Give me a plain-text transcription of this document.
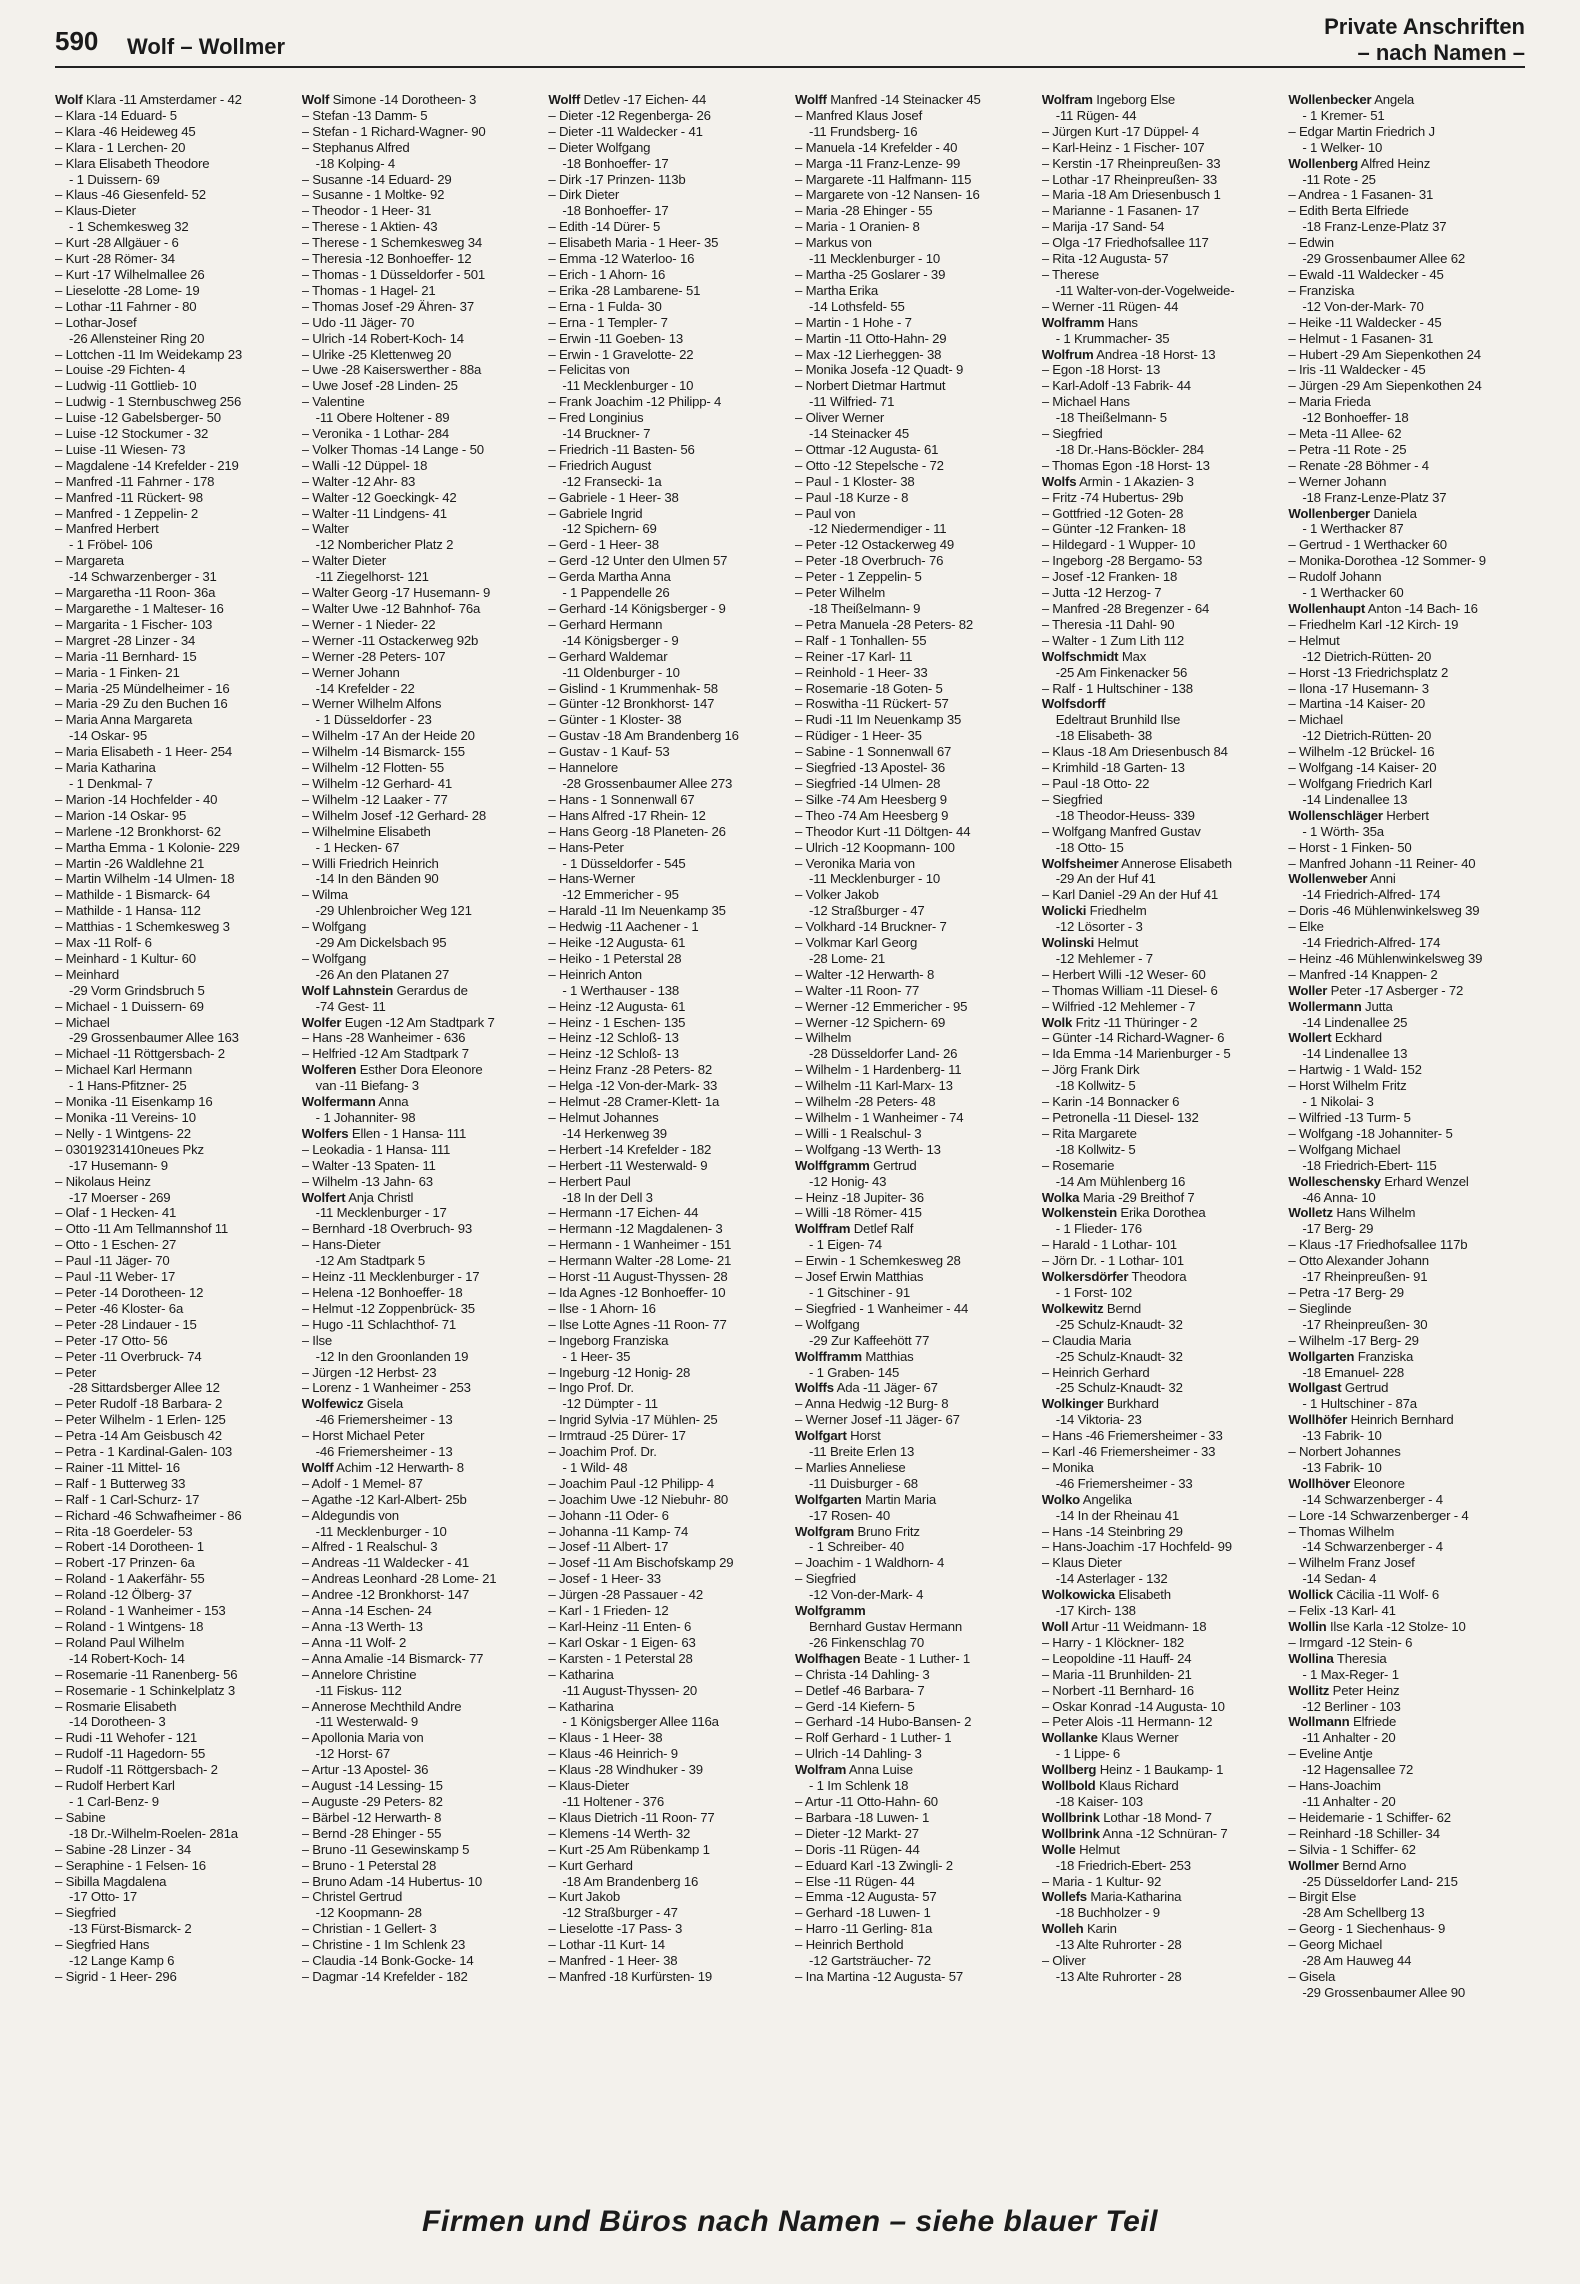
590 Wolf – Wollmer
Private Anschriften
– nach Namen –
Wolf Klara -11 Amsterdamer - 42
– Klara -14 Eduard- 5
– Klara -46 Heideweg 45
– Klara - 1 Lerchen- 20
– Klara Elisabeth Theodore
- 1 Duissern- 69
– Klaus -46 Giesenfeld- 52
– Klaus-Dieter
- 1 Schemkesweg 32
– Kurt -28 Allgäuer - 6
– Kurt -28 Römer- 34
– Kurt -17 Wilhelmallee 26
– Lieselotte -28 Lome- 19
– Lothar -11 Fahrner - 80
– Lothar-Josef
-26 Allensteiner Ring 20
– Lottchen -11 Im Weidekamp 23
– Louise -29 Fichten- 4
– Ludwig -11 Gottlieb- 10
– Ludwig - 1 Sternbuschweg 256
– Luise -12 Gabelsberger- 50
– Luise -12 Stockumer - 32
– Luise -11 Wiesen- 73
– Magdalene -14 Krefelder - 219
– Manfred -11 Fahrner - 178
– Manfred -11 Rückert- 98
– Manfred - 1 Zeppelin- 2
– Manfred Herbert
- 1 Fröbel- 106
– Margareta
-14 Schwarzenberger - 31
– Margaretha -11 Roon- 36a
– Margarethe - 1 Malteser- 16
– Margarita - 1 Fischer- 103
– Margret -28 Linzer - 34
– Maria -11 Bernhard- 15
– Maria - 1 Finken- 21
– Maria -25 Mündelheimer - 16
– Maria -29 Zu den Buchen 16
– Maria Anna Margareta
-14 Oskar- 95
– Maria Elisabeth - 1 Heer- 254
– Maria Katharina
- 1 Denkmal- 7
– Marion -14 Hochfelder - 40
– Marion -14 Oskar- 95
– Marlene -12 Bronkhorst- 62
– Martha Emma - 1 Kolonie- 229
– Martin -26 Waldlehne 21
– Martin Wilhelm -14 Ulmen- 18
– Mathilde - 1 Bismarck- 64
– Mathilde - 1 Hansa- 112
– Matthias - 1 Schemkesweg 3
– Max -11 Rolf- 6
– Meinhard - 1 Kultur- 60
– Meinhard
-29 Vorm Grindsbruch 5
– Michael - 1 Duissern- 69
– Michael
-29 Grossenbaumer Allee 163
– Michael -11 Röttgersbach- 2
– Michael Karl Hermann
- 1 Hans-Pfitzner- 25
– Monika -11 Eisenkamp 16
– Monika -11 Vereins- 10
– Nelly - 1 Wintgens- 22
– 03019231410neues Pkz
-17 Husemann- 9
– Nikolaus Heinz
-17 Moerser - 269
– Olaf - 1 Hecken- 41
– Otto -11 Am Tellmannshof 11
– Otto - 1 Eschen- 27
– Paul -11 Jäger- 70
– Paul -11 Weber- 17
– Peter -14 Dorotheen- 12
– Peter -46 Kloster- 6a
– Peter -28 Lindauer - 15
– Peter -17 Otto- 56
– Peter -11 Overbruck- 74
– Peter
-28 Sittardsberger Allee 12
– Peter Rudolf -18 Barbara- 2
– Peter Wilhelm - 1 Erlen- 125
– Petra -14 Am Geisbusch 42
– Petra - 1 Kardinal-Galen- 103
– Rainer -11 Mittel- 16
– Ralf - 1 Butterweg 33
– Ralf - 1 Carl-Schurz- 17
– Richard -46 Schwafheimer - 86
– Rita -18 Goerdeler- 53
– Robert -14 Dorotheen- 1
– Robert -17 Prinzen- 6a
– Roland - 1 Aakerfähr- 55
– Roland -12 Ölberg- 37
– Roland - 1 Wanheimer - 153
– Roland - 1 Wintgens- 18
– Roland Paul Wilhelm
-14 Robert-Koch- 14
– Rosemarie -11 Ranenberg- 56
– Rosemarie - 1 Schinkelplatz 3
– Rosmarie Elisabeth
-14 Dorotheen- 3
– Rudi -11 Wehofer - 121
– Rudolf -11 Hagedorn- 55
– Rudolf -11 Röttgersbach- 2
– Rudolf Herbert Karl
- 1 Carl-Benz- 9
– Sabine
-18 Dr.-Wilhelm-Roelen- 281a
– Sabine -28 Linzer - 34
– Seraphine - 1 Felsen- 16
– Sibilla Magdalena
-17 Otto- 17
– Siegfried
-13 Fürst-Bismarck- 2
– Siegfried Hans
-12 Lange Kamp 6
– Sigrid - 1 Heer- 296
Wolf Simone -14 Dorotheen- 3
– Stefan -13 Damm- 5
– Stefan - 1 Richard-Wagner- 90
– Stephanus Alfred
-18 Kolping- 4
– Susanne -14 Eduard- 29
– Susanne - 1 Moltke- 92
– Theodor - 1 Heer- 31
– Therese - 1 Aktien- 43
– Therese - 1 Schemkesweg 34
– Theresia -12 Bonhoeffer- 12
– Thomas - 1 Düsseldorfer - 501
– Thomas - 1 Hagel- 21
– Thomas Josef -29 Ähren- 37
– Udo -11 Jäger- 70
– Ulrich -14 Robert-Koch- 14
– Ulrike -25 Klettenweg 20
– Uwe -28 Kaiserswerther - 88a
– Uwe Josef -28 Linden- 25
– Valentine
-11 Obere Holtener - 89
– Veronika - 1 Lothar- 284
– Volker Thomas -14 Lange - 50
– Walli -12 Düppel- 18
– Walter -12 Ahr- 83
– Walter -12 Goeckingk- 42
– Walter -11 Lindgens- 41
– Walter
-12 Nombericher Platz 2
– Walter Dieter
-11 Ziegelhorst- 121
– Walter Georg -17 Husemann- 9
– Walter Uwe -12 Bahnhof- 76a
– Werner - 1 Nieder- 22
– Werner -11 Ostackerweg 92b
– Werner -28 Peters- 107
– Werner Johann
-14 Krefelder - 22
– Werner Wilhelm Alfons
- 1 Düsseldorfer - 23
– Wilhelm -17 An der Heide 20
– Wilhelm -14 Bismarck- 155
– Wilhelm -12 Flotten- 55
– Wilhelm -12 Gerhard- 41
– Wilhelm -12 Laaker - 77
– Wilhelm Josef -12 Gerhard- 28
– Wilhelmine Elisabeth
- 1 Hecken- 67
– Willi Friedrich Heinrich
-14 In den Bänden 90
– Wilma
-29 Uhlenbroicher Weg 121
– Wolfgang
-29 Am Dickelsbach 95
– Wolfgang
-26 An den Platanen 27
Wolf Lahnstein Gerardus de
-74 Gest- 11
Wolfer Eugen -12 Am Stadtpark 7
– Hans -28 Wanheimer - 636
– Helfried -12 Am Stadtpark 7
Wolferen Esther Dora Eleonore
van -11 Biefang- 3
Wolfermann Anna
- 1 Johanniter- 98
Wolfers Ellen - 1 Hansa- 111
– Leokadia - 1 Hansa- 111
– Walter -13 Spaten- 11
– Wilhelm -13 Jahn- 63
Wolfert Anja Christl
-11 Mecklenburger - 17
– Bernhard -18 Overbruch- 93
– Hans-Dieter
-12 Am Stadtpark 5
– Heinz -11 Mecklenburger - 17
– Helena -12 Bonhoeffer- 18
– Helmut -12 Zoppenbrück- 35
– Hugo -11 Schlachthof- 71
– Ilse
-12 In den Groonlanden 19
– Jürgen -12 Herbst- 23
– Lorenz - 1 Wanheimer - 253
Wolfewicz Gisela
-46 Friemersheimer - 13
– Horst Michael Peter
-46 Friemersheimer - 13
Wolff Achim -12 Herwarth- 8
– Adolf - 1 Memel- 87
– Agathe -12 Karl-Albert- 25b
– Aldegundis von
-11 Mecklenburger - 10
– Alfred - 1 Realschul- 3
– Andreas -11 Waldecker - 41
– Andreas Leonhard -28 Lome- 21
– Andree -12 Bronkhorst- 147
– Anna -14 Eschen- 24
– Anna -13 Werth- 13
– Anna -11 Wolf- 2
– Anna Amalie -14 Bismarck- 77
– Annelore Christine
-11 Fiskus- 112
– Annerose Mechthild Andre
-11 Westerwald- 9
– Apollonia Maria von
-12 Horst- 67
– Artur -13 Apostel- 36
– August -14 Lessing- 15
– Auguste -29 Peters- 82
– Bärbel -12 Herwarth- 8
– Bernd -28 Ehinger - 55
– Bruno -11 Gesewinskamp 5
– Bruno - 1 Peterstal 28
– Bruno Adam -14 Hubertus- 10
– Christel Gertrud
-12 Koopmann- 28
– Christian - 1 Gellert- 3
– Christine - 1 Im Schlenk 23
– Claudia -14 Bonk-Gocke- 14
– Dagmar -14 Krefelder - 182
Wolff Detlev -17 Eichen- 44
– Dieter -12 Regenberga- 26
– Dieter -11 Waldecker - 41
– Dieter Wolfgang
-18 Bonhoeffer- 17
– Dirk -17 Prinzen- 113b
– Dirk Dieter
-18 Bonhoeffer- 17
– Edith -14 Dürer- 5
– Elisabeth Maria - 1 Heer- 35
– Emma -12 Waterloo- 16
– Erich - 1 Ahorn- 16
– Erika -28 Lambarene- 51
– Erna - 1 Fulda- 30
– Erna - 1 Templer- 7
– Erwin -11 Goeben- 13
– Erwin - 1 Gravelotte- 22
– Felicitas von
-11 Mecklenburger - 10
– Frank Joachim -12 Philipp- 4
– Fred Longinius
-14 Bruckner- 7
– Friedrich -11 Basten- 56
– Friedrich August
-12 Fransecki- 1a
– Gabriele - 1 Heer- 38
– Gabriele Ingrid
-12 Spichern- 69
– Gerd - 1 Heer- 38
– Gerd -12 Unter den Ulmen 57
– Gerda Martha Anna
- 1 Pappendelle 26
– Gerhard -14 Königsberger - 9
– Gerhard Hermann
-14 Königsberger - 9
– Gerhard Waldemar
-11 Oldenburger - 10
– Gislind - 1 Krummenhak- 58
– Günter -12 Bronkhorst- 147
– Günter - 1 Kloster- 38
– Gustav -18 Am Brandenberg 16
– Gustav - 1 Kauf- 53
– Hannelore
-28 Grossenbaumer Allee 273
– Hans - 1 Sonnenwall 67
– Hans Alfred -17 Rhein- 12
– Hans Georg -18 Planeten- 26
– Hans-Peter
- 1 Düsseldorfer - 545
– Hans-Werner
-12 Emmericher - 95
– Harald -11 Im Neuenkamp 35
– Hedwig -11 Aachener - 1
– Heike -12 Augusta- 61
– Heiko - 1 Peterstal 28
– Heinrich Anton
- 1 Werthauser - 138
– Heinz -12 Augusta- 61
– Heinz - 1 Eschen- 135
– Heinz -12 Schloß- 13
– Heinz -12 Schloß- 13
– Heinz Franz -28 Peters- 82
– Helga -12 Von-der-Mark- 33
– Helmut -28 Cramer-Klett- 1a
– Helmut Johannes
-14 Herkenweg 39
– Herbert -14 Krefelder - 182
– Herbert -11 Westerwald- 9
– Herbert Paul
-18 In der Dell 3
– Hermann -17 Eichen- 44
– Hermann -12 Magdalenen- 3
– Hermann - 1 Wanheimer - 151
– Hermann Walter -28 Lome- 21
– Horst -11 August-Thyssen- 28
– Ida Agnes -12 Bonhoeffer- 10
– Ilse - 1 Ahorn- 16
– Ilse Lotte Agnes -11 Roon- 77
– Ingeborg Franziska
- 1 Heer- 35
– Ingeburg -12 Honig- 28
– Ingo Prof. Dr.
-12 Dümpter - 11
– Ingrid Sylvia -17 Mühlen- 25
– Irmtraud -25 Dürer- 17
– Joachim Prof. Dr.
- 1 Wild- 48
– Joachim Paul -12 Philipp- 4
– Joachim Uwe -12 Niebuhr- 80
– Johann -11 Oder- 6
– Johanna -11 Kamp- 74
– Josef -11 Albert- 17
– Josef -11 Am Bischofskamp 29
– Josef - 1 Heer- 33
– Jürgen -28 Passauer - 42
– Karl - 1 Frieden- 12
– Karl-Heinz -11 Enten- 6
– Karl Oskar - 1 Eigen- 63
– Karsten - 1 Peterstal 28
– Katharina
-11 August-Thyssen- 20
– Katharina
- 1 Königsberger Allee 116a
– Klaus - 1 Heer- 38
– Klaus -46 Heinrich- 9
– Klaus -28 Windhuker - 39
– Klaus-Dieter
-11 Holtener - 376
– Klaus Dietrich -11 Roon- 77
– Klemens -14 Werth- 32
– Kurt -25 Am Rübenkamp 1
– Kurt Gerhard
-18 Am Brandenberg 16
– Kurt Jakob
-12 Straßburger - 47
– Lieselotte -17 Pass- 3
– Lothar -11 Kurt- 14
– Manfred - 1 Heer- 38
– Manfred -18 Kurfürsten- 19
Wolff Manfred -14 Steinacker 45
– Manfred Klaus Josef
-11 Frundsberg- 16
– Manuela -14 Krefelder - 40
– Marga -11 Franz-Lenze- 99
– Margarete -11 Halfmann- 115
– Margarete von -12 Nansen- 16
– Maria -28 Ehinger - 55
– Maria - 1 Oranien- 8
– Markus von
-11 Mecklenburger - 10
– Martha -25 Goslarer - 39
– Martha Erika
-14 Lothsfeld- 55
– Martin - 1 Hohe - 7
– Martin -11 Otto-Hahn- 29
– Max -12 Lierheggen- 38
– Monika Josefa -12 Quadt- 9
– Norbert Dietmar Hartmut
-11 Wilfried- 71
– Oliver Werner
-14 Steinacker 45
– Ottmar -12 Augusta- 61
– Otto -12 Stepelsche - 72
– Paul - 1 Kloster- 38
– Paul -18 Kurze - 8
– Paul von
-12 Niedermendiger - 11
– Peter -12 Ostackerweg 49
– Peter -18 Overbruch- 76
– Peter - 1 Zeppelin- 5
– Peter Wilhelm
-18 Theißelmann- 9
– Petra Manuela -28 Peters- 82
– Ralf - 1 Tonhallen- 55
– Reiner -17 Karl- 11
– Reinhold - 1 Heer- 33
– Rosemarie -18 Goten- 5
– Roswitha -11 Rückert- 57
– Rudi -11 Im Neuenkamp 35
– Rüdiger - 1 Heer- 35
– Sabine - 1 Sonnenwall 67
– Siegfried -13 Apostel- 36
– Siegfried -14 Ulmen- 28
– Silke -74 Am Heesberg 9
– Theo -74 Am Heesberg 9
– Theodor Kurt -11 Döltgen- 44
– Ulrich -12 Koopmann- 100
– Veronika Maria von
-11 Mecklenburger - 10
– Volker Jakob
-12 Straßburger - 47
– Volkhard -14 Bruckner- 7
– Volkmar Karl Georg
-28 Lome- 21
– Walter -12 Herwarth- 8
– Walter -11 Roon- 77
– Werner -12 Emmericher - 95
– Werner -12 Spichern- 69
– Wilhelm
-28 Düsseldorfer Land- 26
– Wilhelm - 1 Hardenberg- 11
– Wilhelm -11 Karl-Marx- 13
– Wilhelm -28 Peters- 48
– Wilhelm - 1 Wanheimer - 74
– Willi - 1 Realschul- 3
– Wolfgang -13 Werth- 13
Wolffgramm Gertrud
-12 Honig- 43
– Heinz -18 Jupiter- 36
– Willi -18 Römer- 415
Wolffram Detlef Ralf
- 1 Eigen- 74
– Erwin - 1 Schemkesweg 28
– Josef Erwin Matthias
- 1 Gitschiner - 91
– Siegfried - 1 Wanheimer - 44
– Wolfgang
-29 Zur Kaffeehött 77
Wolfframm Matthias
- 1 Graben- 145
Wolffs Ada -11 Jäger- 67
– Anna Hedwig -12 Burg- 8
– Werner Josef -11 Jäger- 67
Wolfgart Horst
-11 Breite Erlen 13
– Marlies Anneliese
-11 Duisburger - 68
Wolfgarten Martin Maria
-17 Rosen- 40
Wolfgram Bruno Fritz
- 1 Schreiber- 40
– Joachim - 1 Waldhorn- 4
– Siegfried
-12 Von-der-Mark- 4
Wolfgramm
Bernhard Gustav Hermann
-26 Finkenschlag 70
Wolfhagen Beate - 1 Luther- 1
– Christa -14 Dahling- 3
– Detlef -46 Barbara- 7
– Gerd -14 Kiefern- 5
– Gerhard -14 Hubo-Bansen- 2
– Rolf Gerhard - 1 Luther- 1
– Ulrich -14 Dahling- 3
Wolfram Anna Luise
- 1 Im Schlenk 18
– Artur -11 Otto-Hahn- 60
– Barbara -18 Luwen- 1
– Dieter -12 Markt- 27
– Doris -11 Rügen- 44
– Eduard Karl -13 Zwingli- 2
– Else -11 Rügen- 44
– Emma -12 Augusta- 57
– Gerhard -18 Luwen- 1
– Harro -11 Gerling- 81a
– Heinrich Berthold
-12 Gartsträucher- 72
– Ina Martina -12 Augusta- 57
Wolfram Ingeborg Else
-11 Rügen- 44
– Jürgen Kurt -17 Düppel- 4
– Karl-Heinz - 1 Fischer- 107
– Kerstin -17 Rheinpreußen- 33
– Lothar -17 Rheinpreußen- 33
– Maria -18 Am Driesenbusch 1
– Marianne - 1 Fasanen- 17
– Marija -17 Sand- 54
– Olga -17 Friedhofsallee 117
– Rita -12 Augusta- 57
– Therese
-11 Walter-von-der-Vogelweide-
– Werner -11 Rügen- 44
Wolframm Hans
- 1 Krummacher- 35
Wolfrum Andrea -18 Horst- 13
– Egon -18 Horst- 13
– Karl-Adolf -13 Fabrik- 44
– Michael Hans
-18 Theißelmann- 5
– Siegfried
-18 Dr.-Hans-Böckler- 284
– Thomas Egon -18 Horst- 13
Wolfs Armin - 1 Akazien- 3
– Fritz -74 Hubertus- 29b
– Gottfried -12 Goten- 28
– Günter -12 Franken- 18
– Hildegard - 1 Wupper- 10
– Ingeborg -28 Bergamo- 53
– Josef -12 Franken- 18
– Jutta -12 Herzog- 7
– Manfred -28 Bregenzer - 64
– Theresia -11 Dahl- 90
– Walter - 1 Zum Lith 112
Wolfschmidt Max
-25 Am Finkenacker 56
– Ralf - 1 Hultschiner - 138
Wolfsdorff
Edeltraut Brunhild Ilse
-18 Elisabeth- 38
– Klaus -18 Am Driesenbusch 84
– Krimhild -18 Garten- 13
– Paul -18 Otto- 22
– Siegfried
-18 Theodor-Heuss- 339
– Wolfgang Manfred Gustav
-18 Otto- 15
Wolfsheimer Annerose Elisabeth
-29 An der Huf 41
– Karl Daniel -29 An der Huf 41
Wolicki Friedhelm
-12 Lösorter - 3
Wolinski Helmut
-12 Mehlemer - 7
– Herbert Willi -12 Weser- 60
– Thomas William -11 Diesel- 6
– Wilfried -12 Mehlemer - 7
Wolk Fritz -11 Thüringer - 2
– Günter -14 Richard-Wagner- 6
– Ida Emma -14 Marienburger - 5
– Jörg Frank Dirk
-18 Kollwitz- 5
– Karin -14 Bonnacker 6
– Petronella -11 Diesel- 132
– Rita Margarete
-18 Kollwitz- 5
– Rosemarie
-14 Am Mühlenberg 16
Wolka Maria -29 Breithof 7
Wolkenstein Erika Dorothea
- 1 Flieder- 176
– Harald - 1 Lothar- 101
– Jörn Dr. - 1 Lothar- 101
Wolkersdörfer Theodora
- 1 Forst- 102
Wolkewitz Bernd
-25 Schulz-Knaudt- 32
– Claudia Maria
-25 Schulz-Knaudt- 32
– Heinrich Gerhard
-25 Schulz-Knaudt- 32
Wolkinger Burkhard
-14 Viktoria- 23
– Hans -46 Friemersheimer - 33
– Karl -46 Friemersheimer - 33
– Monika
-46 Friemersheimer - 33
Wolko Angelika
-14 In der Rheinau 41
– Hans -14 Steinbring 29
– Hans-Joachim -17 Hochfeld- 99
– Klaus Dieter
-14 Asterlager - 132
Wolkowicka Elisabeth
-17 Kirch- 138
Woll Artur -11 Weidmann- 18
– Harry - 1 Klöckner- 182
– Leopoldine -11 Hauff- 24
– Maria -11 Brunhilden- 21
– Norbert -11 Bernhard- 16
– Oskar Konrad -14 Augusta- 10
– Peter Alois -11 Hermann- 12
Wollanke Klaus Werner
- 1 Lippe- 6
Wollberg Heinz - 1 Baukamp- 1
Wollbold Klaus Richard
-18 Kaiser- 103
Wollbrink Lothar -18 Mond- 7
Wollbrink Anna -12 Schnüran- 7
Wolle Helmut
-18 Friedrich-Ebert- 253
– Maria - 1 Kultur- 92
Wollefs Maria-Katharina
-18 Buchholzer - 9
Wolleh Karin
-13 Alte Ruhrorter - 28
– Oliver
-13 Alte Ruhrorter - 28
Wollenbecker Angela
- 1 Kremer- 51
– Edgar Martin Friedrich J
- 1 Welker- 10
Wollenberg Alfred Heinz
-11 Rote - 25
– Andrea - 1 Fasanen- 31
– Edith Berta Elfriede
-18 Franz-Lenze-Platz 37
– Edwin
-29 Grossenbaumer Allee 62
– Ewald -11 Waldecker - 45
– Franziska
-12 Von-der-Mark- 70
– Heike -11 Waldecker - 45
– Helmut - 1 Fasanen- 31
– Hubert -29 Am Siepenkothen 24
– Iris -11 Waldecker - 45
– Jürgen -29 Am Siepenkothen 24
– Maria Frieda
-12 Bonhoeffer- 18
– Meta -11 Allee- 62
– Petra -11 Rote - 25
– Renate -28 Böhmer - 4
– Werner Johann
-18 Franz-Lenze-Platz 37
Wollenberger Daniela
- 1 Werthacker 87
– Gertrud - 1 Werthacker 60
– Monika-Dorothea -12 Sommer- 9
– Rudolf Johann
- 1 Werthacker 60
Wollenhaupt Anton -14 Bach- 16
– Friedhelm Karl -12 Kirch- 19
– Helmut
-12 Dietrich-Rütten- 20
– Horst -13 Friedrichsplatz 2
– Ilona -17 Husemann- 3
– Martina -14 Kaiser- 20
– Michael
-12 Dietrich-Rütten- 20
– Wilhelm -12 Brückel- 16
– Wolfgang -14 Kaiser- 20
– Wolfgang Friedrich Karl
-14 Lindenallee 13
Wollenschläger Herbert
- 1 Wörth- 35a
– Horst - 1 Finken- 50
– Manfred Johann -11 Reiner- 40
Wollenweber Anni
-14 Friedrich-Alfred- 174
– Doris -46 Mühlenwinkelsweg 39
– Elke
-14 Friedrich-Alfred- 174
– Heinz -46 Mühlenwinkelsweg 39
– Manfred -14 Knappen- 2
Woller Peter -17 Asberger - 72
Wollermann Jutta
-14 Lindenallee 25
Wollert Eckhard
-14 Lindenallee 13
– Hartwig - 1 Wald- 152
– Horst Wilhelm Fritz
- 1 Nikolai- 3
– Wilfried -13 Turm- 5
– Wolfgang -18 Johanniter- 5
– Wolfgang Michael
-18 Friedrich-Ebert- 115
Wolleschensky Erhard Wenzel
-46 Anna- 10
Wolletz Hans Wilhelm
-17 Berg- 29
– Klaus -17 Friedhofsallee 117b
– Otto Alexander Johann
-17 Rheinpreußen- 91
– Petra -17 Berg- 29
– Sieglinde
-17 Rheinpreußen- 30
– Wilhelm -17 Berg- 29
Wollgarten Franziska
-18 Emanuel- 228
Wollgast Gertrud
- 1 Hultschiner - 87a
Wollhöfer Heinrich Bernhard
-13 Fabrik- 10
– Norbert Johannes
-13 Fabrik- 10
Wollhöver Eleonore
-14 Schwarzenberger - 4
– Lore -14 Schwarzenberger - 4
– Thomas Wilhelm
-14 Schwarzenberger - 4
– Wilhelm Franz Josef
-14 Sedan- 4
Wollick Cäcilia -11 Wolf- 6
– Felix -13 Karl- 41
Wollin Ilse Karla -12 Stolze- 10
– Irmgard -12 Stein- 6
Wollina Theresia
- 1 Max-Reger- 1
Wollitz Peter Heinz
-12 Berliner - 103
Wollmann Elfriede
-11 Anhalter - 20
– Eveline Antje
-12 Hagensallee 72
– Hans-Joachim
-11 Anhalter - 20
– Heidemarie - 1 Schiffer- 62
– Reinhard -18 Schiller- 34
– Silvia - 1 Schiffer- 62
Wollmer Bernd Arno
-25 Düsseldorfer Land- 215
– Birgit Else
-28 Am Schellberg 13
– Georg - 1 Siechenhaus- 9
– Georg Michael
-28 Am Hauweg 44
– Gisela
-29 Grossenbaumer Allee 90
Firmen und Büros nach Namen – siehe blauer Teil
